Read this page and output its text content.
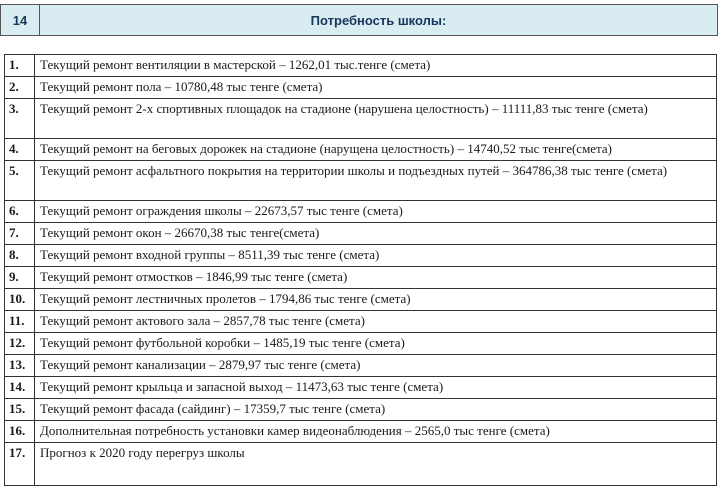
14	Потребность школы:
1.	Текущий ремонт вентиляции в мастерской – 1262,01 тыс.тенге (смета)
2.	Текущий ремонт пола – 10780,48 тыс тенге (смета)
3.	Текущий ремонт 2-х спортивных площадок на стадионе (нарушена целостность) – 11111,83 тыс тенге (смета)
4.	Текущий ремонт на беговых дорожек на стадионе (нарущена целостность) – 14740,52 тыс тенге(смета)
5.	Текущий ремонт асфальтного покрытия на территории школы и подъездных путей – 364786,38 тыс тенге (смета)
6.	Текущий ремонт ограждения школы – 22673,57 тыс тенге (смета)
7.	Текущий ремонт окон – 26670,38 тыс тенге(смета)
8.	Текущий ремонт входной группы – 8511,39 тыс тенге (смета)
9.	Текущий ремонт отмостков – 1846,99 тыс тенге (смета)
10.	Текущий ремонт лестничных пролетов – 1794,86 тыс тенге (смета)
11.	Текущий ремонт актового зала – 2857,78 тыс тенге (смета)
12.	Текущий ремонт футбольной коробки – 1485,19 тыс тенге (смета)
13.	Текущий ремонт канализации – 2879,97 тыс тенге (смета)
14.	Текущий ремонт крыльца и запасной выход – 11473,63 тыс тенге (смета)
15.	Текущий ремонт фасада (сайдинг) – 17359,7 тыс тенге (смета)
16.	Дополнительная потребность установки камер видеонаблюдения – 2565,0 тыс тенге (смета)
17.	Прогноз к 2020 году перегруз школы
